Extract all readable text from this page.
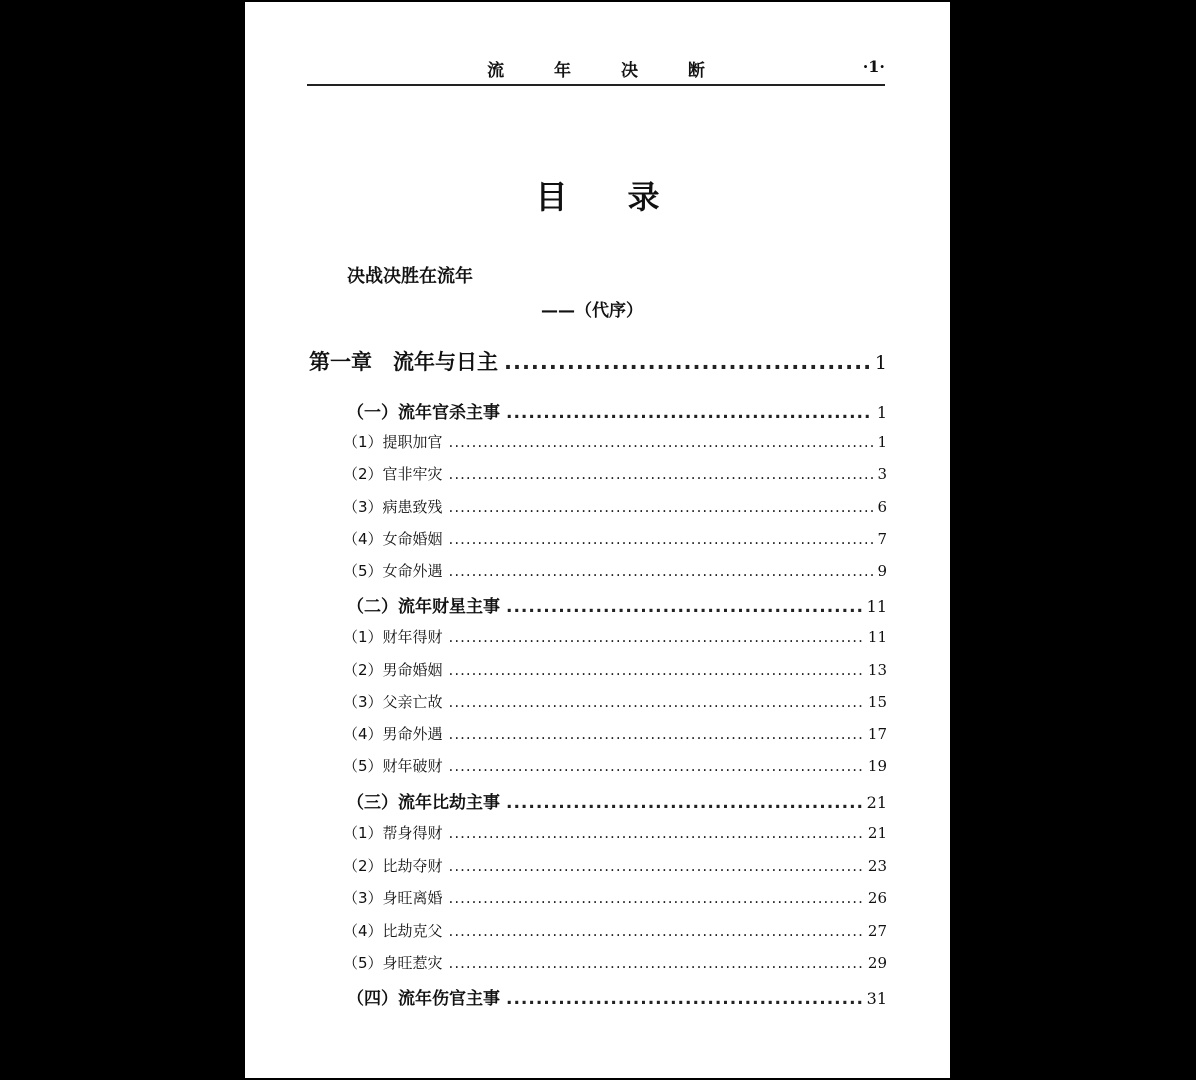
流 年 决 断	·1·
目录
决战决胜在流年
——（代序）
第一章　流年与日主 .....	1
（一）流年官杀主事 .....	1
（1）提职加官 .....	1
（2）官非牢灾 .....	3
（3）病患致残 .....	6
（4）女命婚姻 .....	7
（5）女命外遇 .....	9
（二）流年财星主事 .....	11
（1）财年得财 .....	11
（2）男命婚姻 .....	13
（3）父亲亡故 .....	15
（4）男命外遇 .....	17
（5）财年破财 .....	19
（三）流年比劫主事 .....	21
（1）帮身得财 .....	21
（2）比劫夺财 .....	23
（3）身旺离婚 .....	26
（4）比劫克父 .....	27
（5）身旺惹灾 .....	29
（四）流年伤官主事 .....	31
